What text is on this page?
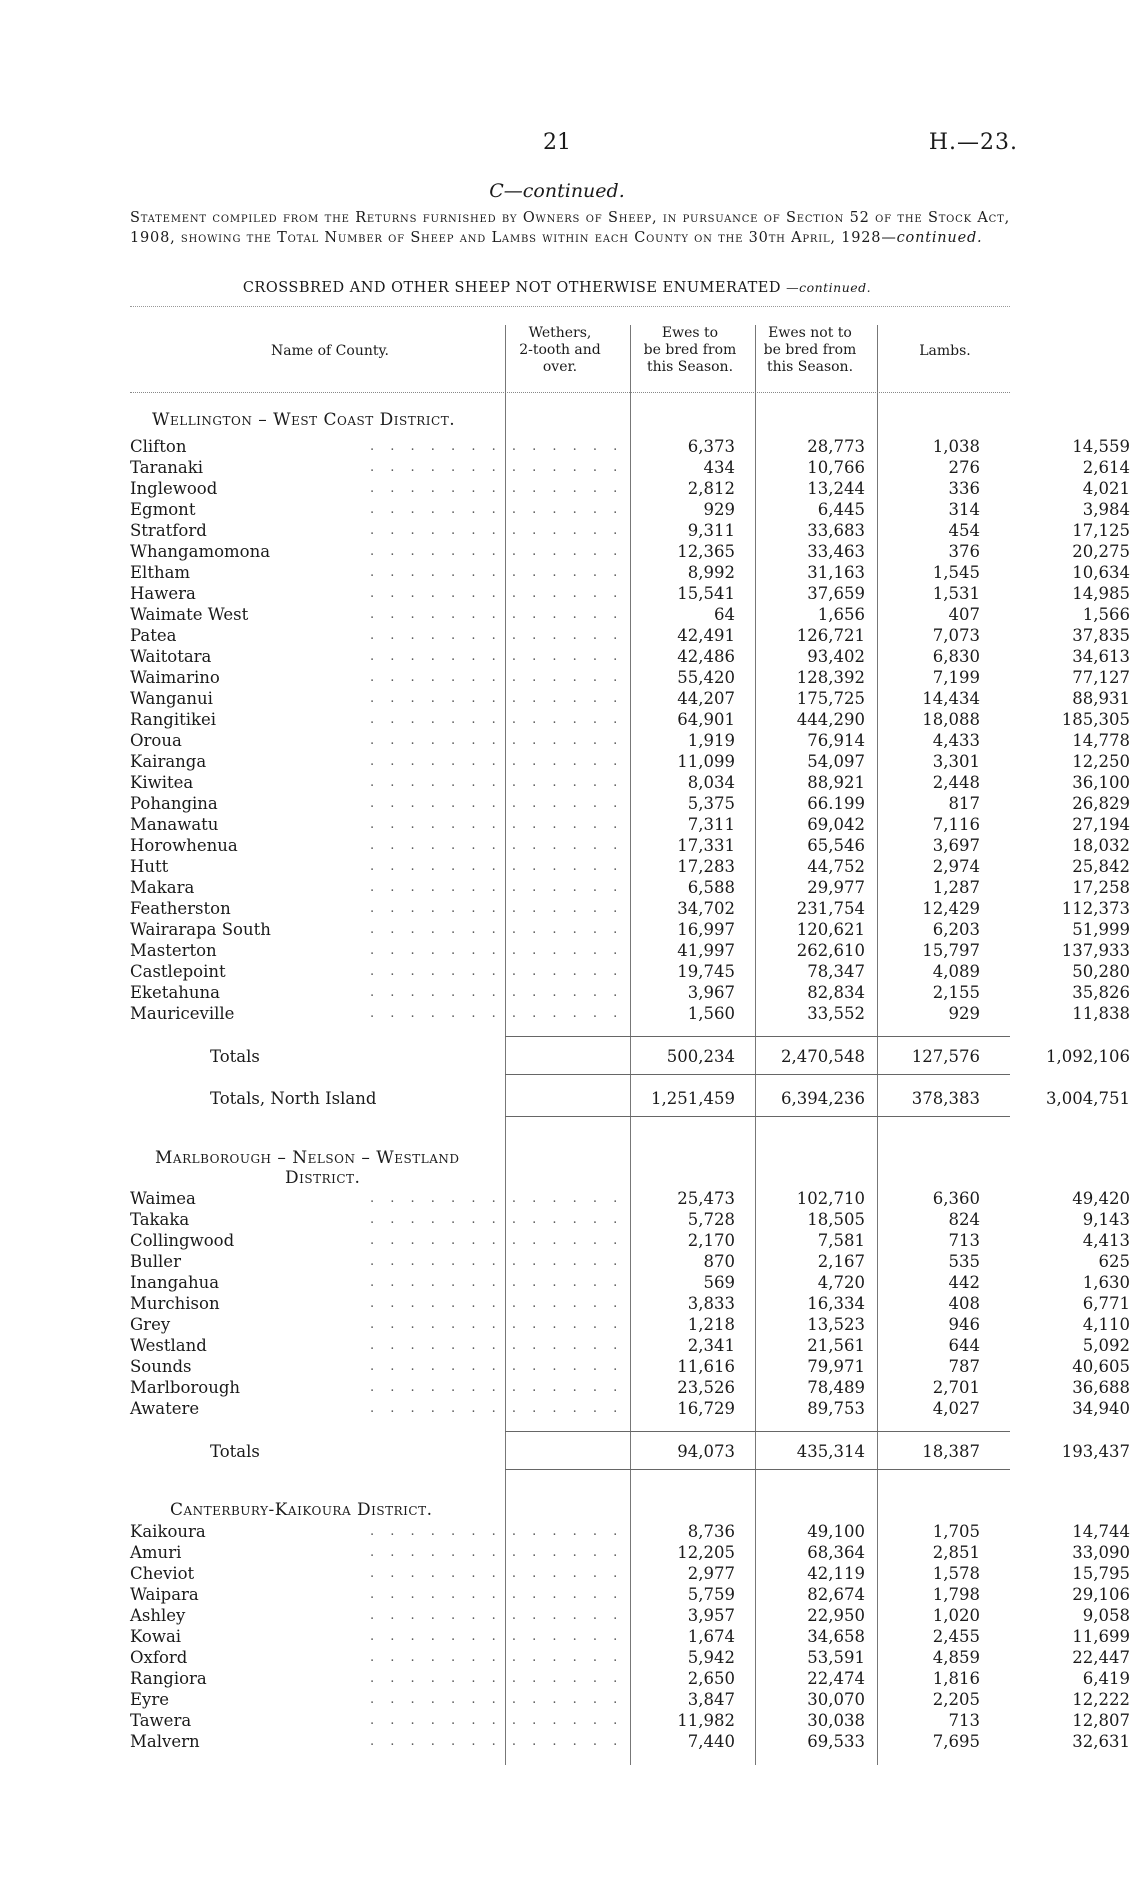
21	H.—23.
C—continued.
Statement compiled from the Returns furnished by Owners of Sheep, in pursuance of Section 52 of the Stock Act, 1908, showing the Total Number of Sheep and Lambs within each County on the 30th April, 1928—continued.
CROSSBRED AND OTHER SHEEP NOT OTHERWISE ENUMERATED —continued.
Name of County.
Wethers,
2-tooth and
over.
Ewes to
be bred from
this Season.
Ewes not to
be bred from
this Season.
Lambs.
Wellington – West Coast District.
Clifton	. . . . . . . . . . . . .	6,373	28,773	1,038	14,559
Taranaki	. . . . . . . . . . . . .	434	10,766	276	2,614
Inglewood	. . . . . . . . . . . . .	2,812	13,244	336	4,021
Egmont	. . . . . . . . . . . . .	929	6,445	314	3,984
Stratford	. . . . . . . . . . . . .	9,311	33,683	454	17,125
Whangamomona	. . . . . . . . . . . . .	12,365	33,463	376	20,275
Eltham	. . . . . . . . . . . . .	8,992	31,163	1,545	10,634
Hawera	. . . . . . . . . . . . .	15,541	37,659	1,531	14,985
Waimate West	. . . . . . . . . . . . .	64	1,656	407	1,566
Patea	. . . . . . . . . . . . .	42,491	126,721	7,073	37,835
Waitotara	. . . . . . . . . . . . .	42,486	93,402	6,830	34,613
Waimarino	. . . . . . . . . . . . .	55,420	128,392	7,199	77,127
Wanganui	. . . . . . . . . . . . .	44,207	175,725	14,434	88,931
Rangitikei	. . . . . . . . . . . . .	64,901	444,290	18,088	185,305
Oroua	. . . . . . . . . . . . .	1,919	76,914	4,433	14,778
Kairanga	. . . . . . . . . . . . .	11,099	54,097	3,301	12,250
Kiwitea	. . . . . . . . . . . . .	8,034	88,921	2,448	36,100
Pohangina	. . . . . . . . . . . . .	5,375	66.199	817	26,829
Manawatu	. . . . . . . . . . . . .	7,311	69,042	7,116	27,194
Horowhenua	. . . . . . . . . . . . .	17,331	65,546	3,697	18,032
Hutt	. . . . . . . . . . . . .	17,283	44,752	2,974	25,842
Makara	. . . . . . . . . . . . .	6,588	29,977	1,287	17,258
Featherston	. . . . . . . . . . . . .	34,702	231,754	12,429	112,373
Wairarapa South	. . . . . . . . . . . . .	16,997	120,621	6,203	51,999
Masterton	. . . . . . . . . . . . .	41,997	262,610	15,797	137,933
Castlepoint	. . . . . . . . . . . . .	19,745	78,347	4,089	50,280
Eketahuna	. . . . . . . . . . . . .	3,967	82,834	2,155	35,826
Mauriceville	. . . . . . . . . . . . .	1,560	33,552	929	11,838
Totals	500,234	2,470,548	127,576	1,092,106
Totals, North Island	1,251,459	6,394,236	378,383	3,004,751
Marlborough – Nelson – Westland
District.
Waimea	. . . . . . . . . . . . .	25,473	102,710	6,360	49,420
Takaka	. . . . . . . . . . . . .	5,728	18,505	824	9,143
Collingwood	. . . . . . . . . . . . .	2,170	7,581	713	4,413
Buller	. . . . . . . . . . . . .	870	2,167	535	625
Inangahua	. . . . . . . . . . . . .	569	4,720	442	1,630
Murchison	. . . . . . . . . . . . .	3,833	16,334	408	6,771
Grey	. . . . . . . . . . . . .	1,218	13,523	946	4,110
Westland	. . . . . . . . . . . . .	2,341	21,561	644	5,092
Sounds	. . . . . . . . . . . . .	11,616	79,971	787	40,605
Marlborough	. . . . . . . . . . . . .	23,526	78,489	2,701	36,688
Awatere	. . . . . . . . . . . . .	16,729	89,753	4,027	34,940
Totals	94,073	435,314	18,387	193,437
Canterbury-Kaikoura District.
Kaikoura	. . . . . . . . . . . . .	8,736	49,100	1,705	14,744
Amuri	. . . . . . . . . . . . .	12,205	68,364	2,851	33,090
Cheviot	. . . . . . . . . . . . .	2,977	42,119	1,578	15,795
Waipara	. . . . . . . . . . . . .	5,759	82,674	1,798	29,106
Ashley	. . . . . . . . . . . . .	3,957	22,950	1,020	9,058
Kowai	. . . . . . . . . . . . .	1,674	34,658	2,455	11,699
Oxford	. . . . . . . . . . . . .	5,942	53,591	4,859	22,447
Rangiora	. . . . . . . . . . . . .	2,650	22,474	1,816	6,419
Eyre	. . . . . . . . . . . . .	3,847	30,070	2,205	12,222
Tawera	. . . . . . . . . . . . .	11,982	30,038	713	12,807
Malvern	. . . . . . . . . . . . .	7,440	69,533	7,695	32,631
